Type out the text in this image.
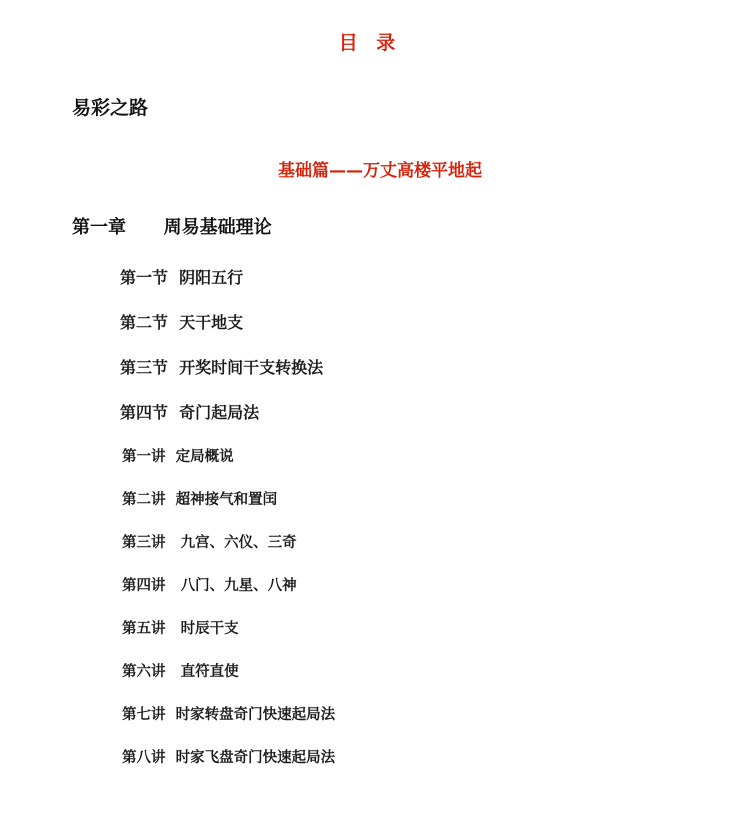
目 录
易彩之路
基础篇——万丈高楼平地起
第一章      周易基础理论
第一节  阴阳五行
第二节  天干地支
第三节  开奖时间干支转换法
第四节  奇门起局法
第一讲  定局概说
第二讲  超神接气和置闰
第三讲   九宫、六仪、三奇
第四讲   八门、九星、八神
第五讲   时辰干支
第六讲   直符直使
第七讲  时家转盘奇门快速起局法
第八讲  时家飞盘奇门快速起局法
